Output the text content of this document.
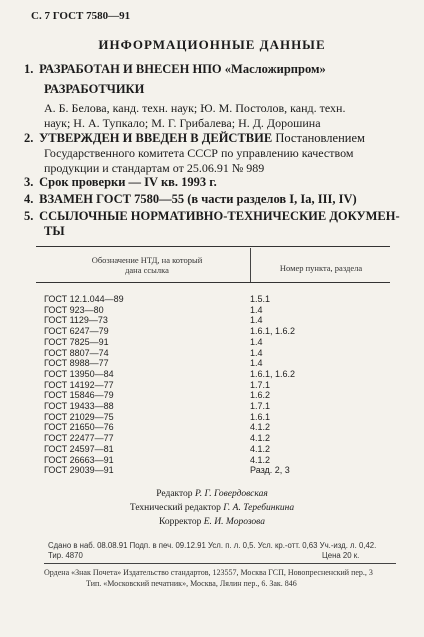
С. 7 ГОСТ 7580—91
ИНФОРМАЦИОННЫЕ ДАННЫЕ
1. РАЗРАБОТАН И ВНЕСЕН НПО «Масложирпром»
РАЗРАБОТЧИКИ
А. Б. Белова, канд. техн. наук; Ю. М. Постолов, канд. техн.
наук; Н. А. Тупкало; М. Г. Грибалева; Н. Д. Дорошина
2. УТВЕРЖДЕН И ВВЕДЕН В ДЕЙСТВИЕ Постановлением
Государственного комитета СССР по управлению качеством
продукции и стандартам от 25.06.91 № 989
3. Срок проверки — IV кв. 1993 г.
4. ВЗАМЕН ГОСТ 7580—55 (в части разделов I, Iа, III, IV)
5. ССЫЛОЧНЫЕ НОРМАТИВНО-ТЕХНИЧЕСКИЕ ДОКУМЕН-
ТЫ
Обозначение НТД, на который
дана ссылка	Номер пункта, раздела
ГОСТ 12.1.044—89	1.5.1
ГОСТ 923—80	1.4
ГОСТ 1129—73	1.4
ГОСТ 6247—79	1.6.1, 1.6.2
ГОСТ 7825—91	1.4
ГОСТ 8807—74	1.4
ГОСТ 8988—77	1.4
ГОСТ 13950—84	1.6.1, 1.6.2
ГОСТ 14192—77	1.7.1
ГОСТ 15846—79	1.6.2
ГОСТ 19433—88	1.7.1
ГОСТ 21029—75	1.6.1
ГОСТ 21650—76	4.1.2
ГОСТ 22477—77	4.1.2
ГОСТ 24597—81	4.1.2
ГОСТ 26663—91	4.1.2
ГОСТ 29039—91	Разд. 2, 3
Редактор Р. Г. Говердовская
Технический редактор Г. А. Теребинкина
Корректор Е. И. Морозова
Сдано в наб. 08.08.91 Подп. в печ. 09.12.91 Усл. п. л. 0,5. Усл. кр.-отт. 0,63 Уч.-изд. л. 0,42.
Тир. 4870	Цена 20 к.
Ордена «Знак Почета» Издательство стандартов, 123557, Москва ГСП, Новопресненский пер., 3
Тип. «Московский печатник», Москва, Лялин пер., 6. Зак. 846
